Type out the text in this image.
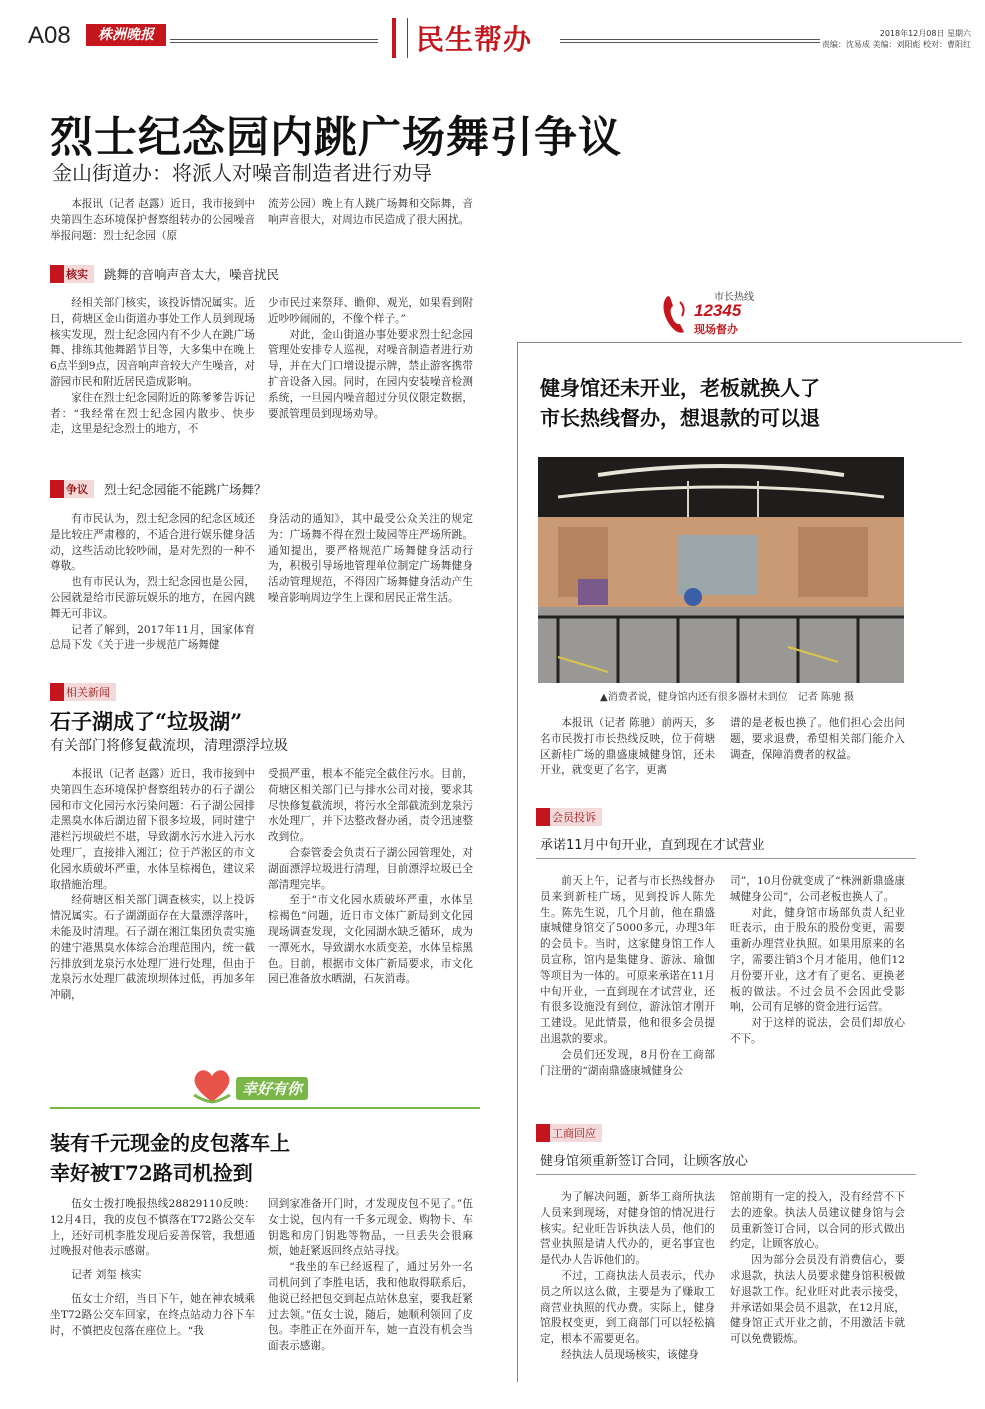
A08	株洲晚报	民生帮办	2018年12月08日 星期六
责编：沈易成 美编：刘阳彪 校对：曹阳红
烈士纪念园内跳广场舞引争议
金山街道办：将派人对噪音制造者进行劝导
本报讯（记者 赵露）近日，我市接到中央第四生态环境保护督察组转办的公园噪音举报问题：烈士纪念园（原
流芳公园）晚上有人跳广场舞和交际舞，音响声音很大，对周边市民造成了很大困扰。
核实	跳舞的音响声音太大，噪音扰民

经相关部门核实，该投诉情况属实。近日，荷塘区金山街道办事处工作人员到现场核实发现，烈士纪念园内有不少人在跳广场舞、排练其他舞蹈节目等，大多集中在晚上6点半到9点，因音响声音较大产生噪音，对游园市民和附近居民造成影响。

家住在烈士纪念园附近的陈爹爹告诉记者：“我经常在烈士纪念园内散步、快步走，这里是纪念烈士的地方，不

少市民过来祭拜、瞻仰、观光，如果看到附近吵吵闹闹的，不像个样子。”

对此，金山街道办事处要求烈士纪念园管理处安排专人巡视，对噪音制造者进行劝导，并在大门口增设提示牌，禁止游客携带扩音设备入园。同时，在园内安装噪音检测系统，一旦园内噪音超过分贝仪限定数据，要派管理员到现场劝导。

争议	烈士纪念园能不能跳广场舞？

有市民认为，烈士纪念园的纪念区域还是比较庄严肃穆的，不适合进行娱乐健身活动，这些活动比较吵闹，是对先烈的一种不尊敬。

也有市民认为，烈士纪念园也是公园，公园就是给市民游玩娱乐的地方，在园内跳舞无可非议。

记者了解到，2017年11月，国家体育总局下发《关于进一步规范广场舞健

身活动的通知》，其中最受公众关注的规定为：广场舞不得在烈士陵园等庄严场所跳。通知提出，要严格规范广场舞健身活动行为，积极引导场地管理单位制定广场舞健身活动管理规范，不得因广场舞健身活动产生噪音影响周边学生上课和居民正常生活。

相关新闻
石子湖成了“垃圾湖”
有关部门将修复截流坝，清理漂浮垃圾

本报讯（记者 赵露）近日，我市接到中央第四生态环境保护督察组转办的石子湖公园和市文化园污水污染问题：石子湖公园排走黑臭水体后湖边留下很多垃圾，同时建宁港栏污坝破烂不堪，导致湖水污水进入污水处理厂，直接排入湘江；位于芦淞区的市文化园水质破坏严重，水体呈棕褐色，建议采取措施治理。

经荷塘区相关部门调查核实，以上投诉情况属实。石子湖湖面存在大量漂浮落叶，未能及时清理。石子湖在湘江集团负责实施的建宁港黑臭水体综合治理范围内，统一截污排放到龙泉污水处理厂进行处理，但由于龙泉污水处理厂截流坝坝体过低，再加多年冲刷，

受损严重，根本不能完全截住污水。目前，荷塘区相关部门已与排水公司对接，要求其尽快修复截流坝，将污水全部截流到龙泉污水处理厂，并下达整改督办函，责令迅速整改到位。

合泰管委会负责石子湖公园管理处，对湖面漂浮垃圾进行清理，目前漂浮垃圾已全部清理完毕。

至于“市文化园水质破坏严重，水体呈棕褐色”问题，近日市文体广新局到文化园现场调查发现，文化园湖水缺乏循环，成为一潭死水，导致湖水水质变差，水体呈棕黑色。目前，根据市文体广新局要求，市文化园已准备放水晒湖，石灰消毒。

幸好有你
装有千元现金的皮包落车上
幸好被T72路司机捡到

伍女士拨打晚报热线28829110反映：12月4日，我的皮包不慎落在T72路公交车上，还好司机李胜发现后妥善保管，我想通过晚报对他表示感谢。

记者 刘玺 核实

伍女士介绍，当日下午，她在神农城乘坐T72路公交车回家，在终点站动力谷下车时，不慎把皮包落在座位上。“我

回到家准备开门时，才发现皮包不见了。”伍女士说，包内有一千多元现金、购物卡、车钥匙和房门钥匙等物品，一旦丢失会很麻烦，她赶紧返回终点站寻找。

“我坐的车已经返程了，通过另外一名司机问到了李胜电话，我和他取得联系后，他说已经把包交到起点站休息室，要我赶紧过去领。”伍女士说，随后，她顺利领回了皮包。李胜正在外面开车，她一直没有机会当面表示感谢。

市长热线
12345
现场督办
健身馆还未开业，老板就换人了
市长热线督办，想退款的可以退
▲消费者说，健身馆内还有很多器材未到位　记者 陈驰 摄
本报讯（记者 陈驰）前两天，多名市民拨打市长热线反映，位于荷塘区新桂广场的鼎盛康城健身馆，还未开业，就变更了名字，更离
谱的是老板也换了。他们担心会出问题，要求退费，希望相关部门能介入调查，保障消费者的权益。
会员投诉
承诺11月中旬开业，直到现在才试营业

前天上午，记者与市长热线督办员来到新桂广场，见到投诉人陈先生。陈先生说，几个月前，他在鼎盛康城健身馆交了5000多元，办理3年的会员卡。当时，这家健身馆工作人员宣称，馆内是集健身、游泳、瑜伽等项目为一体的。可原来承诺在11月中旬开业，一直到现在才试营业，还有很多设施没有到位，游泳馆才刚开工建设。见此情景，他和很多会员提出退款的要求。

会员们还发现，8月份在工商部门注册的“湖南鼎盛康城健身公

司”，10月份就变成了“株洲新鼎盛康城健身公司”，公司老板也换人了。

对此，健身馆市场部负责人纪业旺表示，由于股东的股份变更，需要重新办理营业执照。如果用原来的名字，需要注销3个月才能用，他们12月份要开业，这才有了更名、更换老板的做法。不过会员不会因此受影响，公司有足够的资金进行运营。

对于这样的说法，会员们却放心不下。

工商回应
健身馆须重新签订合同，让顾客放心

为了解决问题，新华工商所执法人员来到现场，对健身馆的情况进行核实。纪业旺告诉执法人员，他们的营业执照是请人代办的，更名事宜也是代办人告诉他们的。

不过，工商执法人员表示，代办员之所以这么做，主要是为了赚取工商营业执照的代办费。实际上，健身馆股权变更，到工商部门可以轻松搞定，根本不需要更名。

经执法人员现场核实，该健身

馆前期有一定的投入，没有经营不下去的迹象。执法人员建议健身馆与会员重新签订合同，以合同的形式做出约定，让顾客放心。

因为部分会员没有消费信心，要求退款，执法人员要求健身馆积极做好退款工作。纪业旺对此表示接受，并承诺如果会员不退款，在12月底，健身馆正式开业之前，不用激活卡就可以免费锻炼。
